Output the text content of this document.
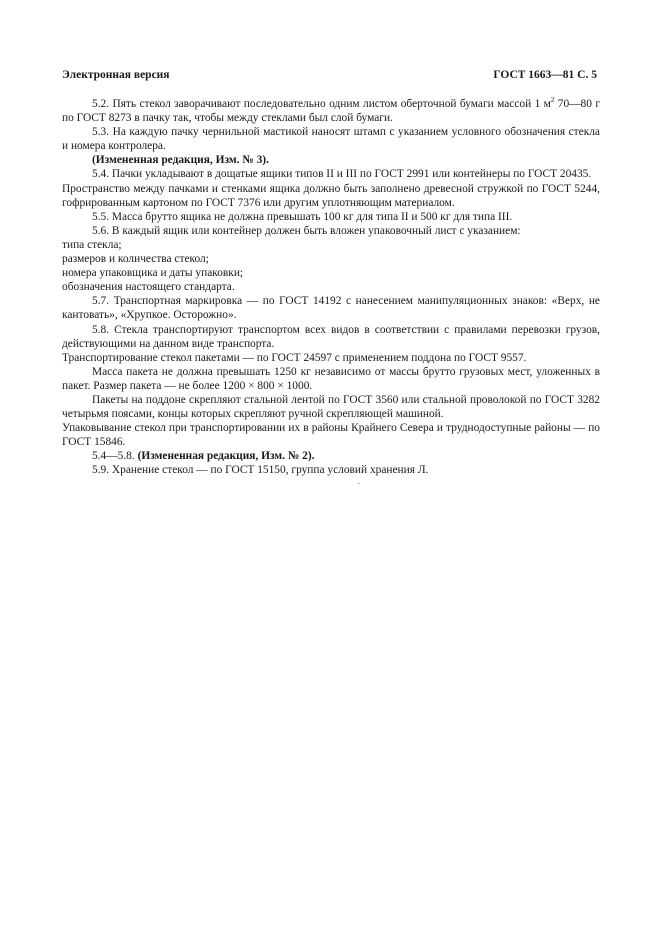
Электронная версия	ГОСТ 1663—81 С. 5

5.2. Пять стекол заворачивают последовательно одним листом оберточной бумаги массой 1 $м^2$ 70—80 г по ГОСТ 8273 в пачку так, чтобы между стеклами был слой бумаги.

5.3. На каждую пачку чернильной мастикой наносят штамп с указанием условного обозначения стекла и номера контролера.

(Измененная редакция, Изм. № 3).

5.4. Пачки укладывают в дощатые ящики типов II и III по ГОСТ 2991 или контейнеры по ГОСТ 20435.

Пространство между пачками и стенками ящика должно быть заполнено древесной стружкой по ГОСТ 5244, гофрированным картоном по ГОСТ 7376 или другим уплотняющим материалом.

5.5. Масса брутто ящика не должна превышать 100 кг для типа II и 500 кг для типа III.

5.6. В каждый ящик или контейнер должен быть вложен упаковочный лист с указанием:

типа стекла;

размеров и количества стекол;

номера упаковщика и даты упаковки;

обозначения настоящего стандарта.

5.7. Транспортная маркировка — по ГОСТ 14192 с нанесением манипуляционных знаков: «Верх, не кантовать», «Хрупкое. Осторожно».

5.8. Стекла транспортируют транспортом всех видов в соответствии с правилами перевозки грузов, действующими на данном виде транспорта.

Транспортирование стекол пакетами — по ГОСТ 24597 с применением поддона по ГОСТ 9557.

Масса пакета не должна превышать 1250 кг независимо от массы брутто грузовых мест, уложенных в пакет. Размер пакета — не более 1200 × 800 × 1000.

Пакеты на поддоне скрепляют стальной лентой по ГОСТ 3560 или стальной проволокой по ГОСТ 3282 четырьмя поясами, концы которых скрепляют ручной скрепляющей машиной.

Упаковывание стекол при транспортировании их в районы Крайнего Севера и труднодоступные районы — по ГОСТ 15846.

5.4—5.8. (Измененная редакция, Изм. № 2).

5.9. Хранение стекол — по ГОСТ 15150, группа условий хранения Л.
